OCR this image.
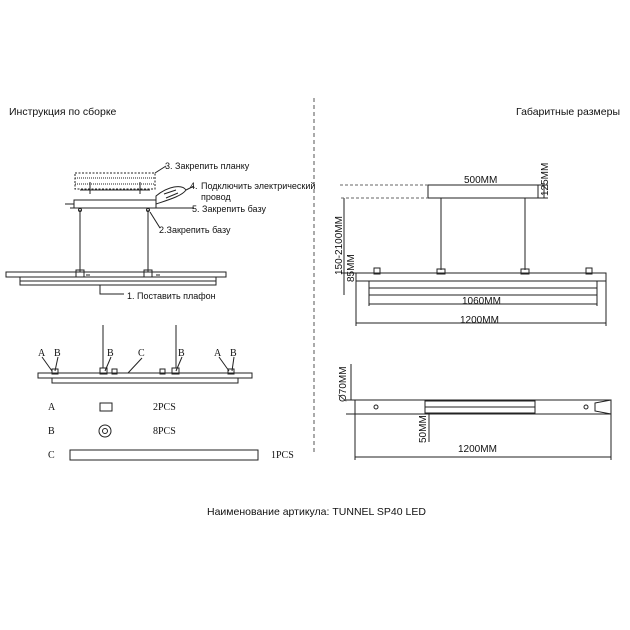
Инструкция по сборке	Габаритные размеры
3. Закрепить планку
4. Подключить электрический
провод
5. Закрепить базу
2.Закрепить базу
1. Поставить плафон
A B	B C	B	A B
A	2PCS
B	8PCS
C	1PCS
500MM	125MM
150-2100MM 85MM
1060MM
1200MM
Ø70MM
50MM
1200MM
Наименование артикула: TUNNEL SP40 LED
